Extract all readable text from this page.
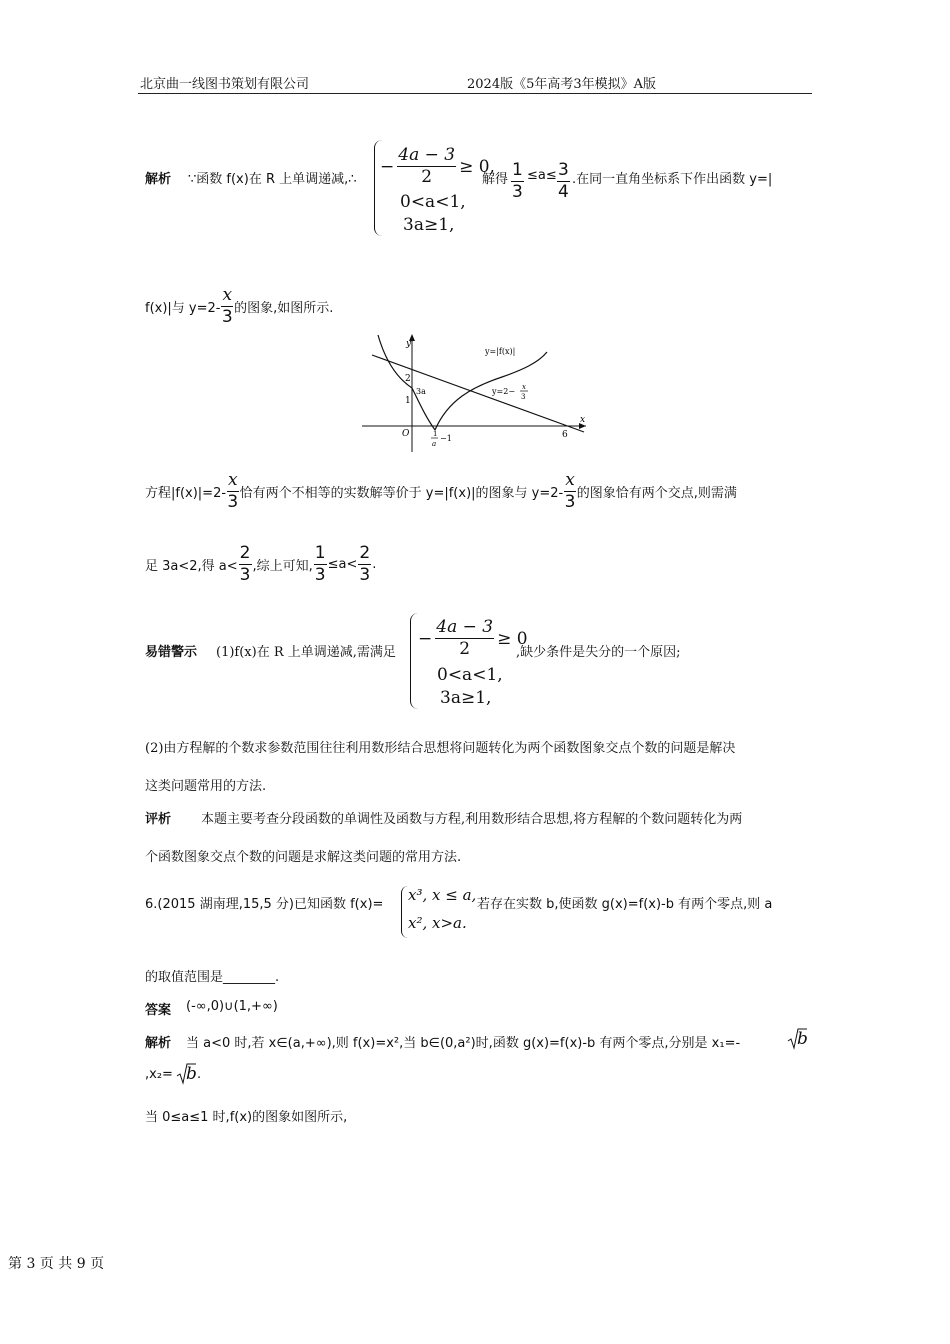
北京曲一线图书策划有限公司	2024版《5年高考3年模拟》A版
解析 ∵函数 f(x)在 R 上单调递减,∴
− $\frac{4a - 3}{2} \ge 0$,
0<a<1,
3a≥1,
解得 $\frac{1}{3} \le a\le \frac{3}{4}$ .在同一直角坐标系下作出函数 y=|
f(x)|与 $y=2- \frac{x}{3}$ 的图象,如图所示.
y
x
O
2
1
3a
6
y=|f(x)|
y=2− x
3
1
a
−1
方程$|f(x)|=2- \frac{x}{3}$ 恰有两个不相等的实数解等价于 y=|f(x)|的图象与 $y=2- \frac{x}{3}$ 的图象恰有两个交点,则需满
足 3a<2,得 $a< \frac{2}{3}$ ,综上可知, $\frac{1}{3} \le a< \frac{2}{3}$ .
易错警示 (1)f(x)在 R 上单调递减,需满足
− $\frac{4a - 3}{2} \ge 0$
0<a<1,
3a≥1,
,缺少条件是失分的一个原因;
(2)由方程解的个数求参数范围往往利用数形结合思想将问题转化为两个函数图象交点个数的问题是解决
这类问题常用的方法.
评析 本题主要考查分段函数的单调性及函数与方程,利用数形结合思想,将方程解的个数问题转化为两
个函数图象交点个数的问题是求解这类问题的常用方法.
6.(2015 湖南理,15,5 分)已知函数 f(x)=
x³, x ≤ a,
x², x>a.
若存在实数 b,使函数 g(x)=f(x)-b 有两个零点,则 a
的取值范围是________.
答案 (-∞,0)∪(1,+∞)
解析 当 a<0 时,若 x∈(a,+∞),则 f(x)=x²,当 b∈(0,a²)时,函数 g(x)=f(x)-b 有两个零点,分别是 x₁=-	b
,x₂= b .
当 0≤a≤1 时,f(x)的图象如图所示,
第 3 页 共 9 页
